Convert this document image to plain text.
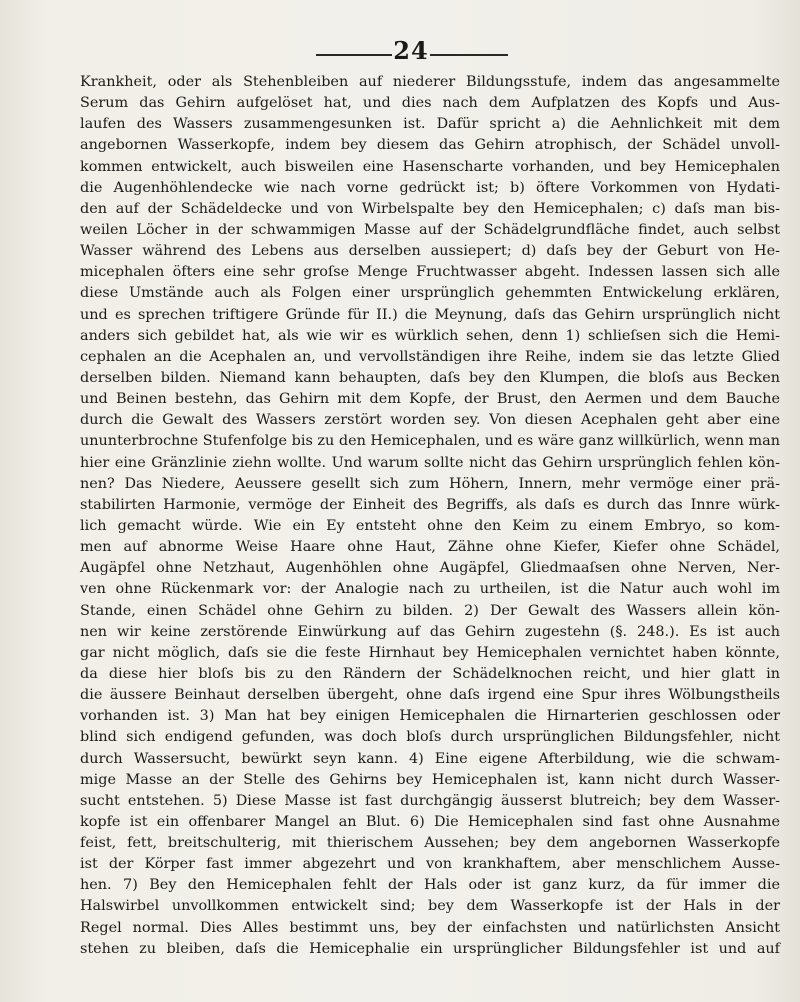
24
Krankheit, oder als Stehenbleiben auf niederer Bildungsstufe, indem das angesammelte
Serum das Gehirn aufgelöset hat, und dies nach dem Aufplatzen des Kopfs und Aus-
laufen des Wassers zusammengesunken ist. Dafür spricht a) die Aehnlichkeit mit dem
angebornen Wasserkopfe, indem bey diesem das Gehirn atrophisch, der Schädel unvoll-
kommen entwickelt, auch bisweilen eine Hasenscharte vorhanden, und bey Hemicephalen
die Augenhöhlendecke wie nach vorne gedrückt ist; b) öftere Vorkommen von Hydati-
den auf der Schädeldecke und von Wirbelspalte bey den Hemicephalen; c) daſs man bis-
weilen Löcher in der schwammigen Masse auf der Schädelgrundfläche findet, auch selbst
Wasser während des Lebens aus derselben aussiepert; d) daſs bey der Geburt von He-
micephalen öfters eine sehr groſse Menge Fruchtwasser abgeht. Indessen lassen sich alle
diese Umstände auch als Folgen einer ursprünglich gehemmten Entwickelung erklären,
und es sprechen triftigere Gründe für II.) die Meynung, daſs das Gehirn ursprünglich nicht
anders sich gebildet hat, als wie wir es würklich sehen, denn 1) schlieſsen sich die Hemi-
cephalen an die Acephalen an, und vervollständigen ihre Reihe, indem sie das letzte Glied
derselben bilden. Niemand kann behaupten, daſs bey den Klumpen, die bloſs aus Becken
und Beinen bestehn, das Gehirn mit dem Kopfe, der Brust, den Aermen und dem Bauche
durch die Gewalt des Wassers zerstört worden sey. Von diesen Acephalen geht aber eine
ununterbrochne Stufenfolge bis zu den Hemicephalen, und es wäre ganz willkürlich, wenn man
hier eine Gränzlinie ziehn wollte. Und warum sollte nicht das Gehirn ursprünglich fehlen kön-
nen? Das Niedere, Aeussere gesellt sich zum Höhern, Innern, mehr vermöge einer prä-
stabilirten Harmonie, vermöge der Einheit des Begriffs, als daſs es durch das Innre würk-
lich gemacht würde. Wie ein Ey entsteht ohne den Keim zu einem Embryo, so kom-
men auf abnorme Weise Haare ohne Haut, Zähne ohne Kiefer, Kiefer ohne Schädel,
Augäpfel ohne Netzhaut, Augenhöhlen ohne Augäpfel, Gliedmaaſsen ohne Nerven, Ner-
ven ohne Rückenmark vor: der Analogie nach zu urtheilen, ist die Natur auch wohl im
Stande, einen Schädel ohne Gehirn zu bilden. 2) Der Gewalt des Wassers allein kön-
nen wir keine zerstörende Einwürkung auf das Gehirn zugestehn (§. 248.). Es ist auch
gar nicht möglich, daſs sie die feste Hirnhaut bey Hemicephalen vernichtet haben könnte,
da diese hier bloſs bis zu den Rändern der Schädelknochen reicht, und hier glatt in
die äussere Beinhaut derselben übergeht, ohne daſs irgend eine Spur ihres Wölbungstheils
vorhanden ist. 3) Man hat bey einigen Hemicephalen die Hirnarterien geschlossen oder
blind sich endigend gefunden, was doch bloſs durch ursprünglichen Bildungsfehler, nicht
durch Wassersucht, bewürkt seyn kann. 4) Eine eigene Afterbildung, wie die schwam-
mige Masse an der Stelle des Gehirns bey Hemicephalen ist, kann nicht durch Wasser-
sucht entstehen. 5) Diese Masse ist fast durchgängig äusserst blutreich; bey dem Wasser-
kopfe ist ein offenbarer Mangel an Blut. 6) Die Hemicephalen sind fast ohne Ausnahme
feist, fett, breitschulterig, mit thierischem Aussehen; bey dem angebornen Wasserkopfe
ist der Körper fast immer abgezehrt und von krankhaftem, aber menschlichem Ausse-
hen. 7) Bey den Hemicephalen fehlt der Hals oder ist ganz kurz, da für immer die
Halswirbel unvollkommen entwickelt sind; bey dem Wasserkopfe ist der Hals in der
Regel normal. Dies Alles bestimmt uns, bey der einfachsten und natürlichsten Ansicht
stehen zu bleiben, daſs die Hemicephalie ein ursprünglicher Bildungsfehler ist und auf
